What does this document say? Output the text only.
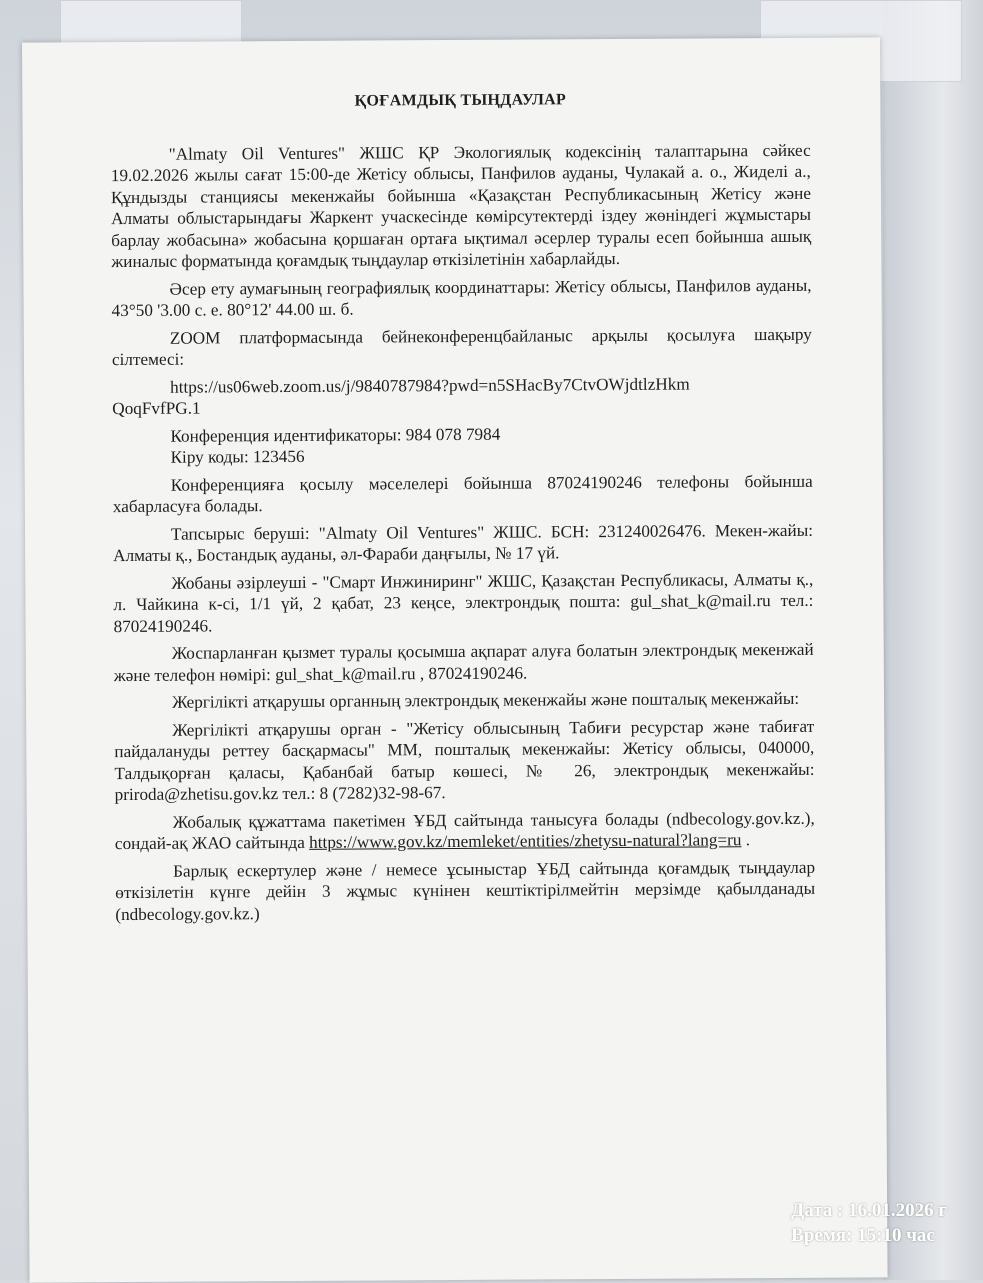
ҚОҒАМДЫҚ ТЫҢДАУЛАР

"Almaty Oil Ventures" ЖШС ҚР Экологиялық кодексінің талаптарына сәйкес 19.02.2026 жылы сағат 15:00-де Жетісу облысы, Панфилов ауданы, Чулакай а. о., Жиделі а., Құндызды станциясы мекенжайы бойынша «Қазақстан Республикасының Жетісу және Алматы облыстарындағы Жаркент учаскесінде көмірсутектерді іздеу жөніндегі жұмыстары барлау жобасына» жобасына қоршаған ортаға ықтимал әсерлер туралы есеп бойынша ашық жиналыс форматында қоғамдық тыңдаулар өткізілетінін хабарлайды.

Әсер ету аумағының географиялық координаттары: Жетісу облысы, Панфилов ауданы, 43°50 '3.00 с. е. 80°12' 44.00 ш. б.

ZOOM платформасында бейнеконференцбайланыс арқылы қосылуға шақыру сілтемесі:

https://us06web.zoom.us/j/9840787984?pwd=n5SHacBy7CtvOWjdtlzHkm

QoqFvfPG.1

Конференция идентификаторы: 984 078 7984

Кіру коды: 123456

Конференцияға қосылу мәселелері бойынша 87024190246 телефоны бойынша хабарласуға болады.

Тапсырыс беруші: "Almaty Oil Ventures" ЖШС. БСН: 231240026476. Мекен-жайы: Алматы қ., Бостандық ауданы, әл-Фараби даңғылы, № 17 үй.

Жобаны әзірлеуші - "Смарт Инжиниринг" ЖШС, Қазақстан Республикасы, Алматы қ., л. Чайкина к-сі, 1/1 үй, 2 қабат, 23 кеңсе, электрондық пошта: gul_shat_k@mail.ru тел.: 87024190246.

Жоспарланған қызмет туралы қосымша ақпарат алуға болатын электрондық мекенжай және телефон нөмірі: gul_shat_k@mail.ru , 87024190246.

Жергілікті атқарушы органның электрондық мекенжайы және пошталық мекенжайы:

Жергілікті атқарушы орган - "Жетісу облысының Табиғи ресурстар және табиғат пайдалануды реттеу басқармасы" ММ, пошталық мекенжайы: Жетісу облысы, 040000, Талдықорған қаласы, Қабанбай батыр көшесі, № 26, электрондық мекенжайы: priroda@zhetisu.gov.kz тел.: 8 (7282)32-98-67.

Жобалық құжаттама пакетімен ҰБД сайтында танысуға болады (ndbecology.gov.kz.), сондай-ақ ЖАО сайтында https://www.gov.kz/memleket/entities/zhetysu-natural?lang=ru .

Барлық ескертулер және / немесе ұсыныстар ҰБД сайтында қоғамдық тыңдаулар өткізілетін күнге дейін 3 жұмыс күнінен кештіктірілмейтін мерзімде қабылданады (ndbecology.gov.kz.)

Дата : 16.01.2026 г
Время: 15:10 час
